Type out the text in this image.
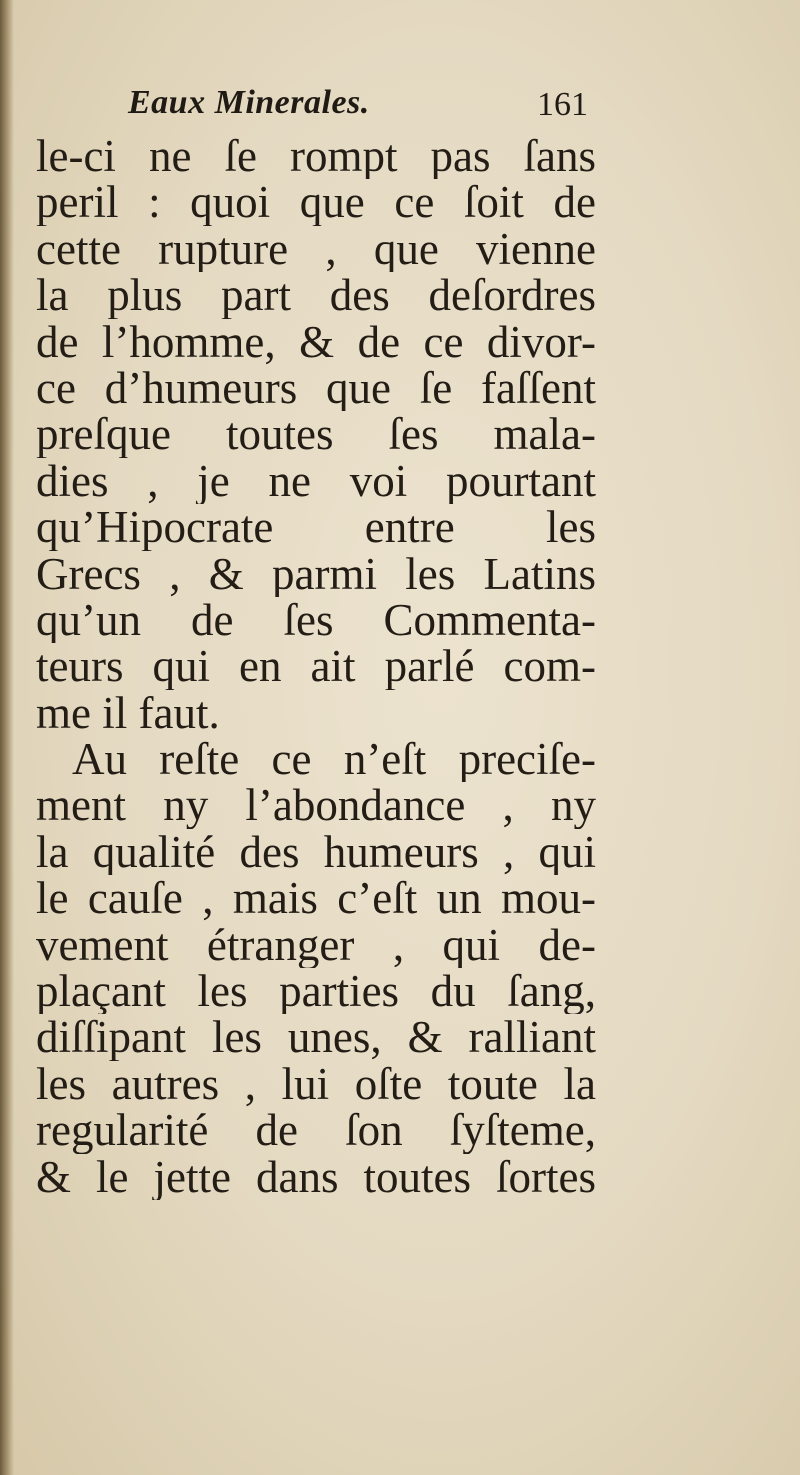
Eaux Minerales.	161
le-ci ne ſe rompt pas ſans
peril : quoi que ce ſoit de
cette rupture , que vienne
la plus part des deſordres
de l’homme, & de ce divor-
ce d’humeurs que ſe faſſent
preſque toutes ſes mala-
dies , je ne voi pourtant
qu’Hipocrate entre les
Grecs , & parmi les Latins
qu’un de ſes Commenta-
teurs qui en ait parlé com-
me il faut.
Au reſte ce n’eſt preciſe-
ment ny l’abondance , ny
la qualité des humeurs , qui
le cauſe , mais c’eſt un mou-
vement étranger , qui de-
plaçant les parties du ſang,
diſſipant les unes, & ralliant
les autres , lui oſte toute la
regularité de ſon ſyſteme,
& le jette dans toutes ſortes
